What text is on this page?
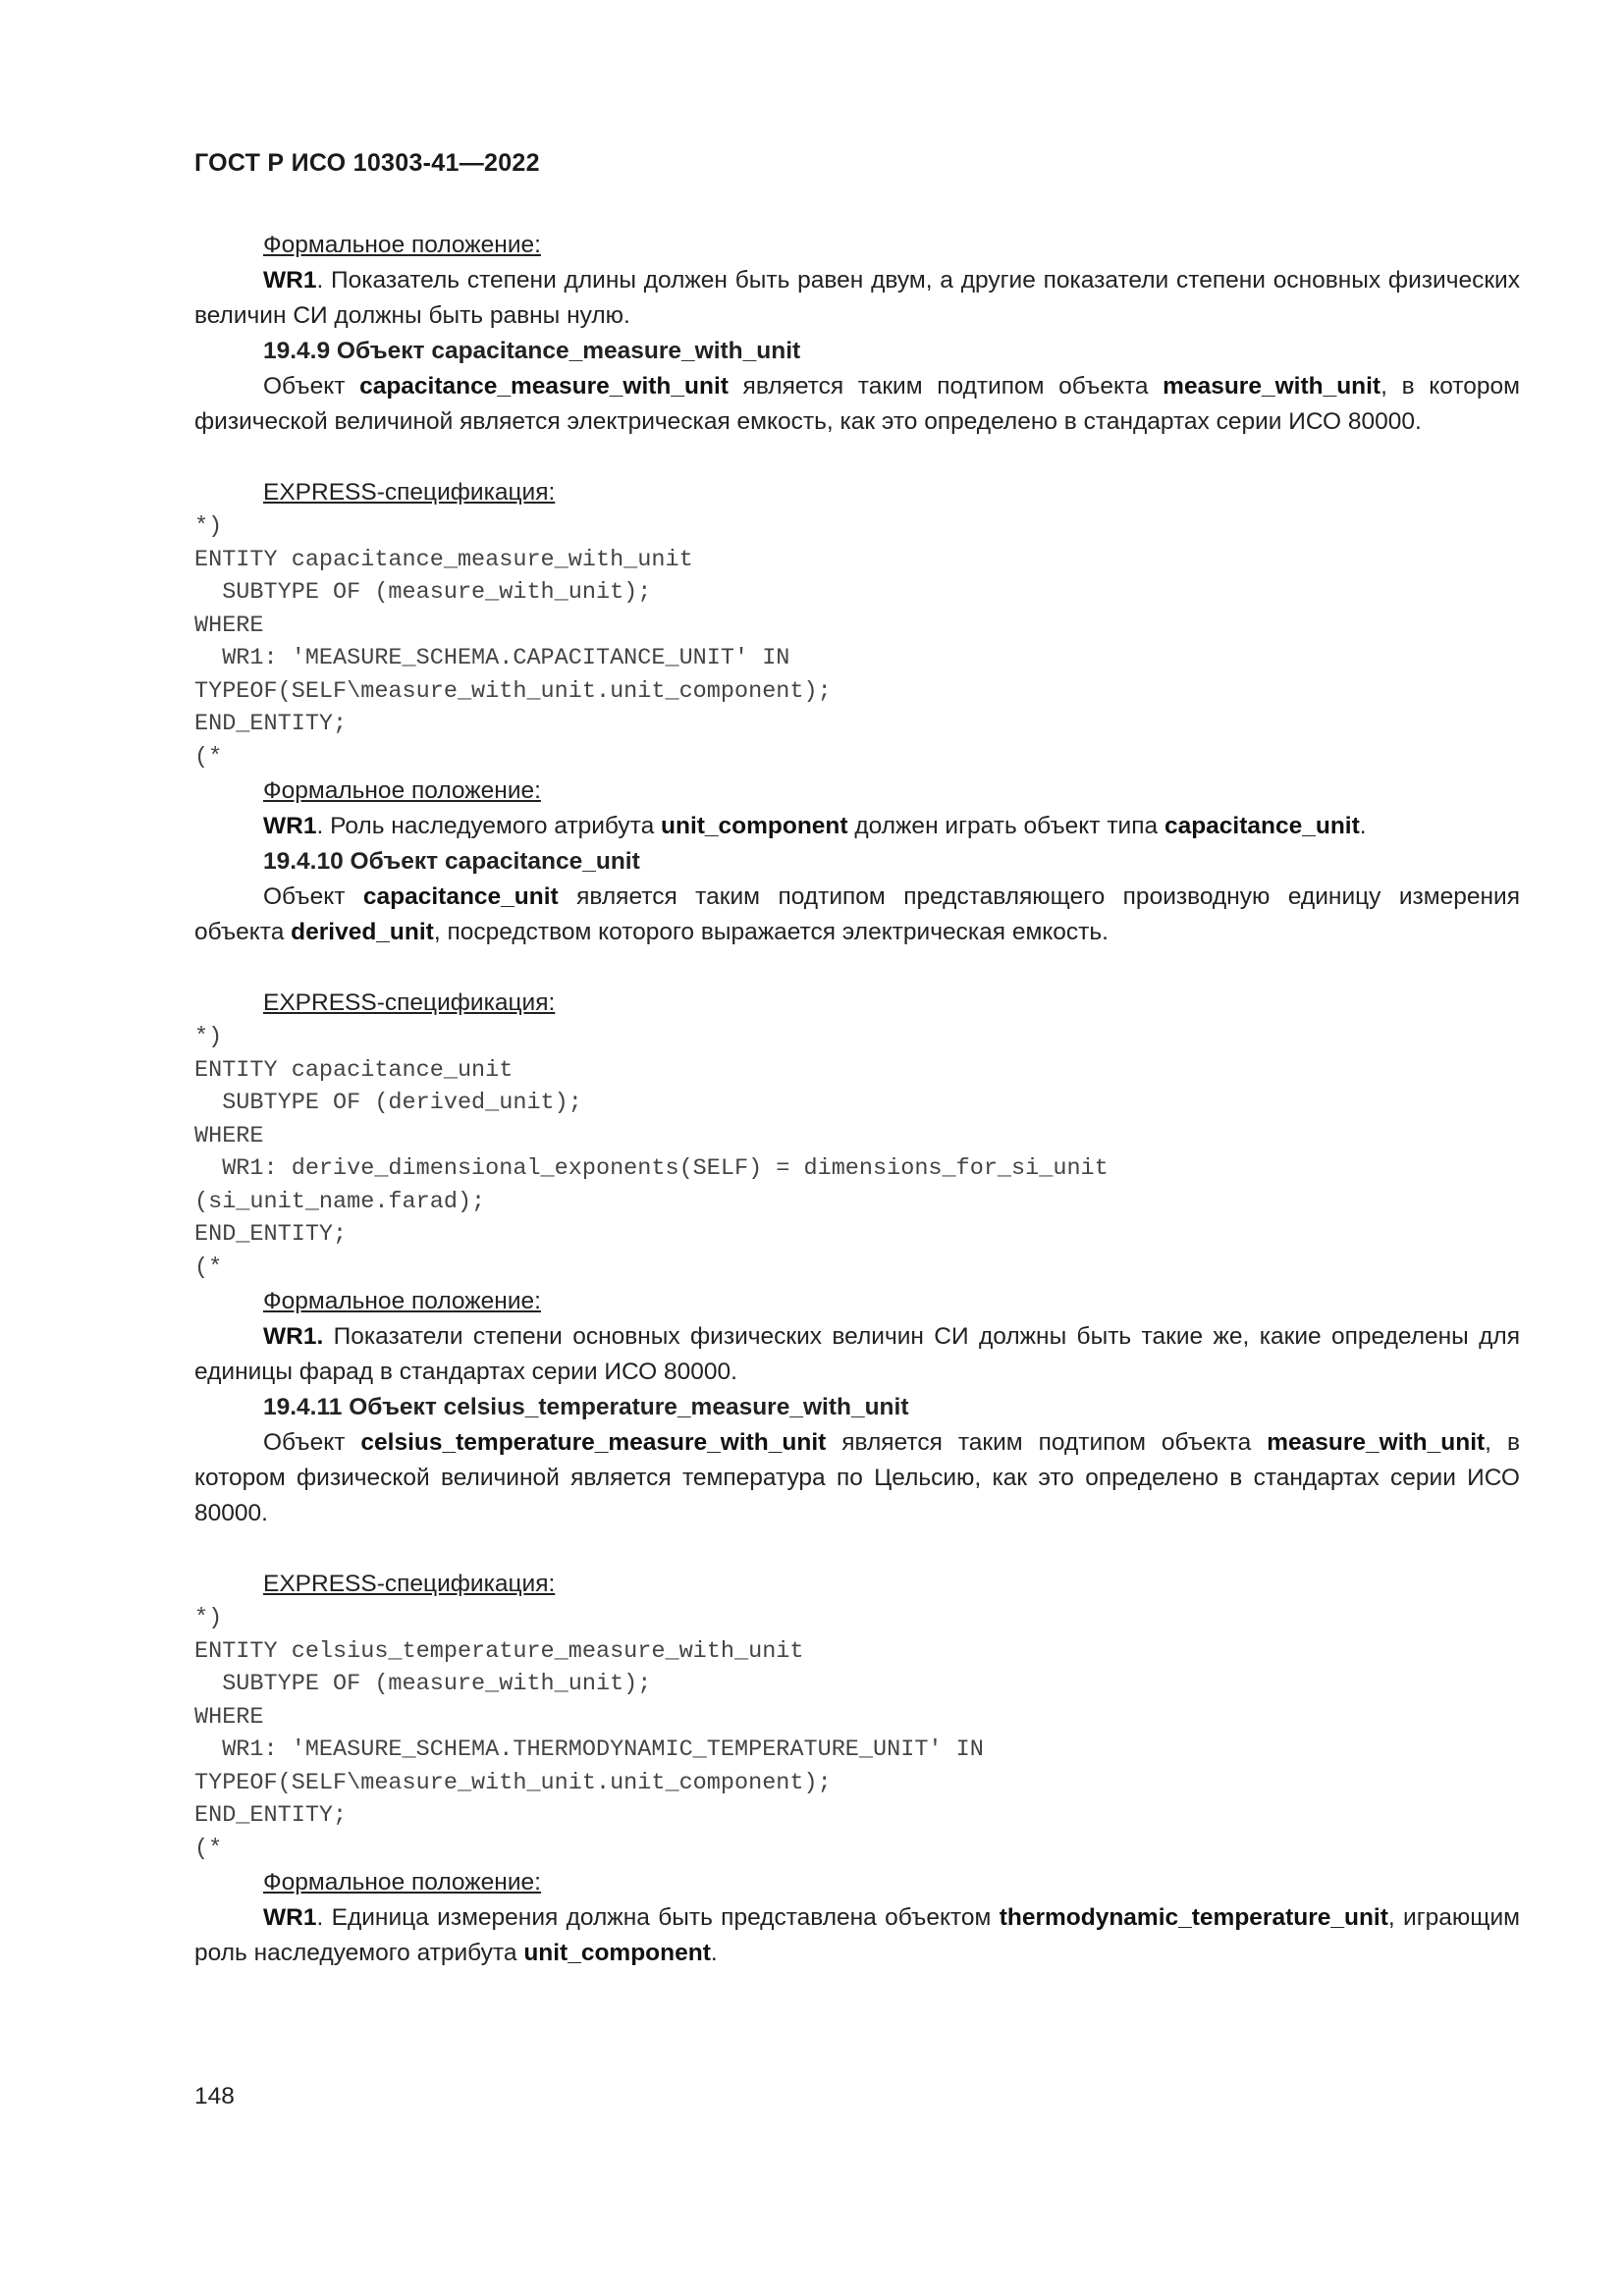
ГОСТ Р ИСО 10303-41—2022

Формальное положение:

WR1. Показатель степени длины должен быть равен двум, а другие показатели степени основных физических величин СИ должны быть равны нулю.

19.4.9 Объект capacitance_measure_with_unit

Объект capacitance_measure_with_unit является таким подтипом объекта measure_with_unit, в котором физической величиной является электрическая емкость, как это определено в стандартах серии ИСО 80000.

EXPRESS-спецификация:

*)
ENTITY capacitance_measure_with_unit
SUBTYPE OF (measure_with_unit);
WHERE
WR1: 'MEASURE_SCHEMA.CAPACITANCE_UNIT' IN
TYPEOF(SELF\measure_with_unit.unit_component);
END_ENTITY;
(*

Формальное положение:

WR1. Роль наследуемого атрибута unit_component должен играть объект типа capacitance_unit.

19.4.10 Объект capacitance_unit

Объект capacitance_unit является таким подтипом представляющего производную единицу измерения объекта derived_unit, посредством которого выражается электрическая емкость.

EXPRESS-спецификация:

*)
ENTITY capacitance_unit
SUBTYPE OF (derived_unit);
WHERE
WR1: derive_dimensional_exponents(SELF) = dimensions_for_si_unit
(si_unit_name.farad);
END_ENTITY;
(*

Формальное положение:

WR1. Показатели степени основных физических величин СИ должны быть такие же, какие определены для единицы фарад в стандартах серии ИСО 80000.

19.4.11 Объект celsius_temperature_measure_with_unit

Объект celsius_temperature_measure_with_unit является таким подтипом объекта measure_with_unit, в котором физической величиной является температура по Цельсию, как это определено в стандартах серии ИСО 80000.

EXPRESS-спецификация:

*)
ENTITY celsius_temperature_measure_with_unit
SUBTYPE OF (measure_with_unit);
WHERE
WR1: 'MEASURE_SCHEMA.THERMODYNAMIC_TEMPERATURE_UNIT' IN
TYPEOF(SELF\measure_with_unit.unit_component);
END_ENTITY;
(*

Формальное положение:

WR1. Единица измерения должна быть представлена объектом thermodynamic_temperature_unit, играющим роль наследуемого атрибута unit_component.

148
